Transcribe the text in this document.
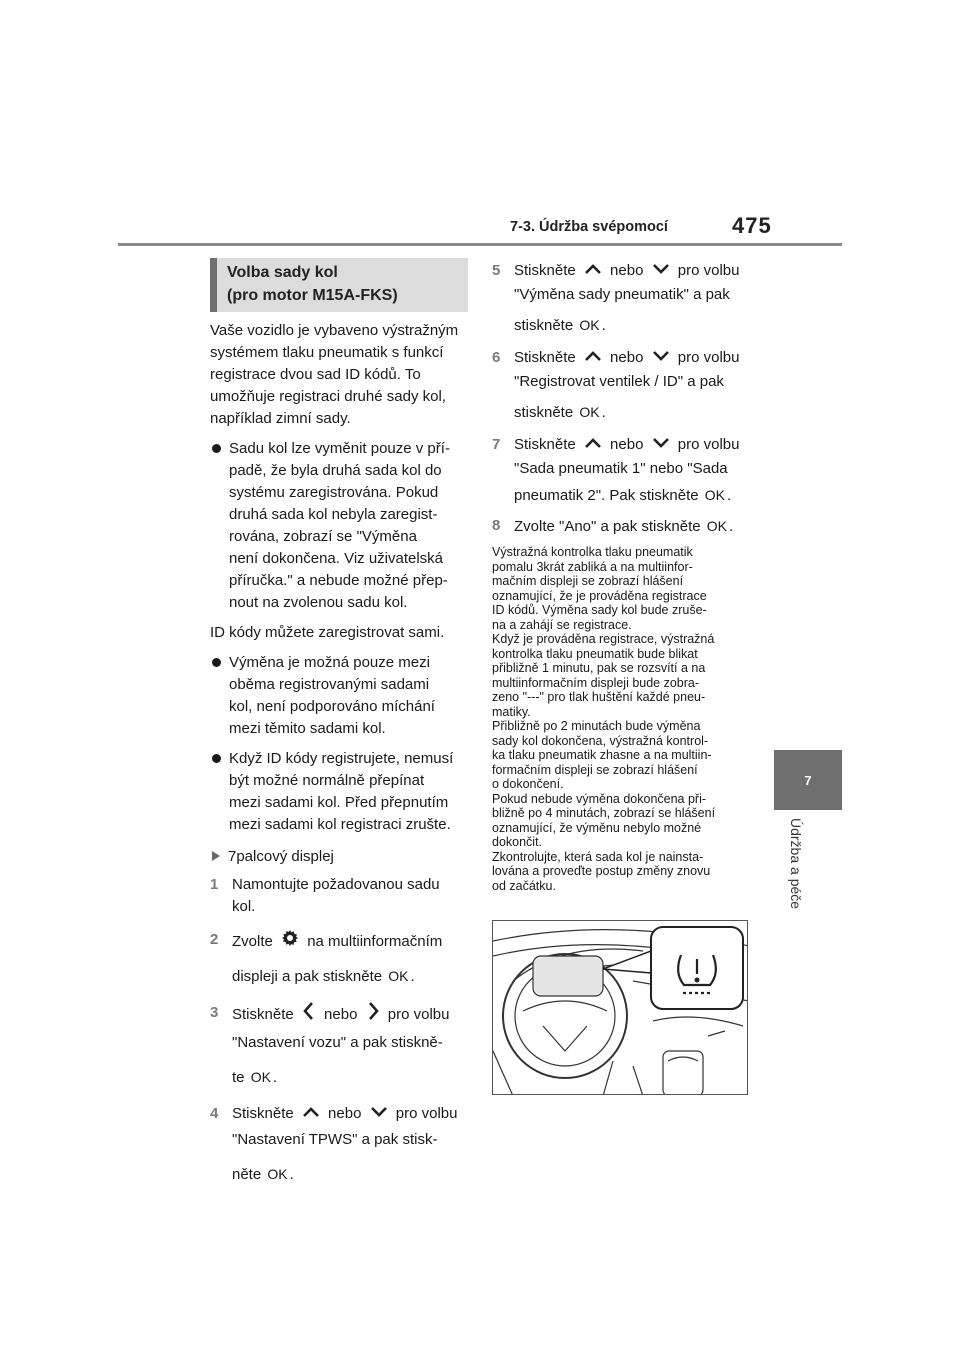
7-3. Údržba svépomocí	475
7
Údržba a péče
Volba sady kol
(pro motor M15A-FKS)
Vaše vozidlo je vybaveno výstražným
systémem tlaku pneumatik s funkcí
registrace dvou sad ID kódů. To
umožňuje registraci druhé sady kol,
například zimní sady.
Sadu kol lze vyměnit pouze v pří-
padě, že byla druhá sada kol do
systému zaregistrována. Pokud
druhá sada kol nebyla zaregist-
rována, zobrazí se "Výměna
není dokončena. Viz uživatelská
příručka." a nebude možné přep-
nout na zvolenou sadu kol.
ID kódy můžete zaregistrovat sami.
Výměna je možná pouze mezi
oběma registrovanými sadami
kol, není podporováno míchání
mezi těmito sadami kol.
Když ID kódy registrujete, nemusí
být možné normálně přepínat
mezi sadami kol. Před přepnutím
mezi sadami kol registraci zrušte.
7palcový displej
1 Namontujte požadovanou sadu
kol.
2 Zvolte na multiinformačním
displeji a pak stiskněte OK .
3 Stiskněte nebo pro volbu
"Nastavení vozu" a pak stiskně-
te OK .
4 Stiskněte nebo pro volbu
"Nastavení TPWS" a pak stisk-
něte OK .
5 Stiskněte nebo pro volbu
"Výměna sady pneumatik" a pak
stiskněte OK .
6 Stiskněte nebo pro volbu
"Registrovat ventilek / ID" a pak
stiskněte OK .
7 Stiskněte nebo pro volbu
"Sada pneumatik 1" nebo "Sada
pneumatik 2". Pak stiskněte OK .
8 Zvolte "Ano" a pak stiskněte OK .
Výstražná kontrolka tlaku pneumatik
pomalu 3krát zabliká a na multiinfor-
mačním displeji se zobrazí hlášení
oznamující, že je prováděna registrace
ID kódů. Výměna sady kol bude zruše-
na a zahájí se registrace.
Když je prováděna registrace, výstražná
kontrolka tlaku pneumatik bude blikat
přibližně 1 minutu, pak se rozsvítí a na
multiinformačním displeji bude zobra-
zeno "---" pro tlak huštění každé pneu-
matiky.
Přibližně po 2 minutách bude výměna
sady kol dokončena, výstražná kontrol-
ka tlaku pneumatik zhasne a na multiin-
formačním displeji se zobrazí hlášení
o dokončení.
Pokud nebude výměna dokončena při-
bližně po 4 minutách, zobrazí se hlášení
oznamující, že výměnu nebylo možné
dokončit.
Zkontrolujte, která sada kol je nainsta-
lována a proveďte postup změny znovu
od začátku.
